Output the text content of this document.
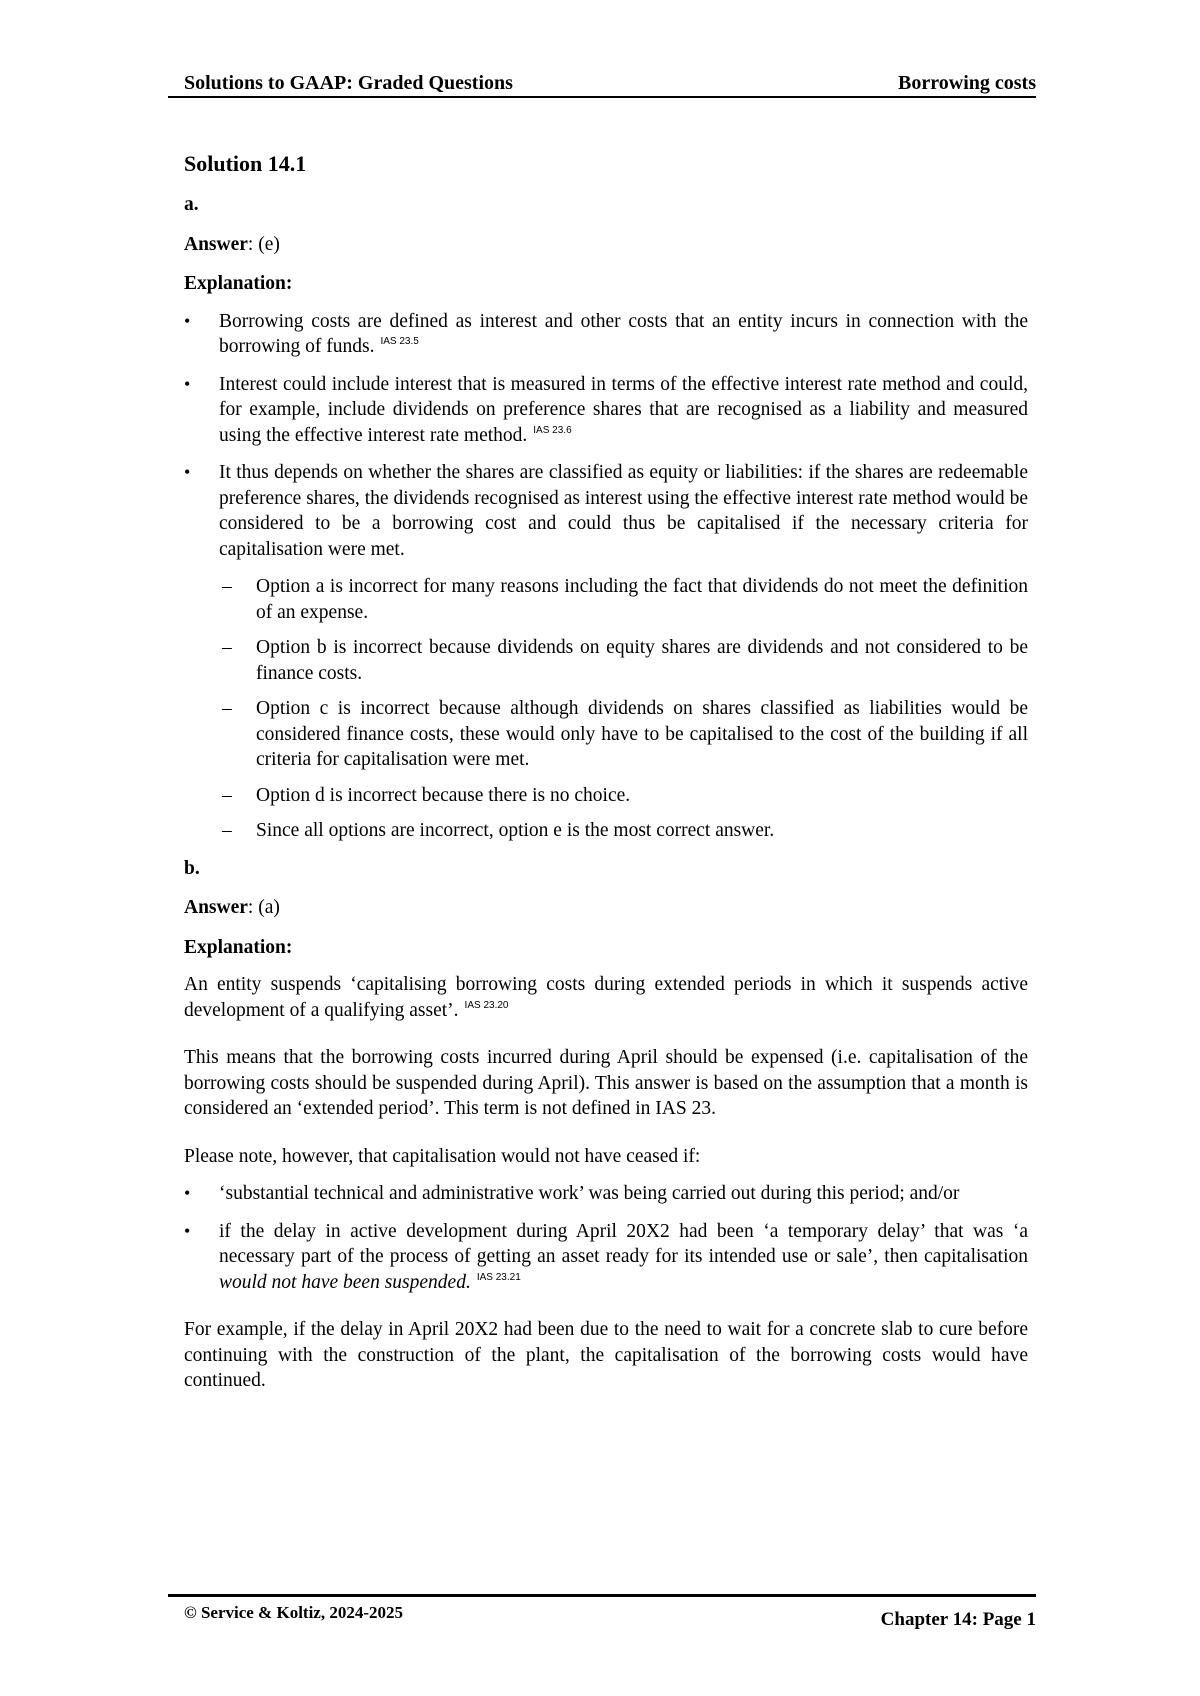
Solutions to GAAP: Graded Questions	Borrowing costs
Solution 14.1
a.
Answer: (e)
Explanation:
• Borrowing costs are defined as interest and other costs that an entity incurs in connection with the borrowing of funds. $^{IAS 23.5}$
• Interest could include interest that is measured in terms of the effective interest rate method and could, for example, include dividends on preference shares that are recognised as a liability and measured using the effective interest rate method. $^{IAS 23.6}$
• It thus depends on whether the shares are classified as equity or liabilities: if the shares are redeemable preference shares, the dividends recognised as interest using the effective interest rate method would be considered to be a borrowing cost and could thus be capitalised if the necessary criteria for capitalisation were met.
– Option a is incorrect for many reasons including the fact that dividends do not meet the definition of an expense.
– Option b is incorrect because dividends on equity shares are dividends and not considered to be finance costs.
– Option c is incorrect because although dividends on shares classified as liabilities would be considered finance costs, these would only have to be capitalised to the cost of the building if all criteria for capitalisation were met.
– Option d is incorrect because there is no choice.
– Since all options are incorrect, option e is the most correct answer.
b.
Answer: (a)
Explanation:

An entity suspends ‘capitalising borrowing costs during extended periods in which it suspends active development of a qualifying asset’. $^{IAS 23.20}$

This means that the borrowing costs incurred during April should be expensed (i.e. capitalisation of the borrowing costs should be suspended during April). This answer is based on the assumption that a month is considered an ‘extended period’. This term is not defined in IAS 23.

Please note, however, that capitalisation would not have ceased if:

• ‘substantial technical and administrative work’ was being carried out during this period; and/or
• if the delay in active development during April 20X2 had been ‘a temporary delay’ that was ‘a necessary part of the process of getting an asset ready for its intended use or sale’, then capitalisation would not have been suspended. $^{IAS 23.21}$

For example, if the delay in April 20X2 had been due to the need to wait for a concrete slab to cure before continuing with the construction of the plant, the capitalisation of the borrowing costs would have continued.

© Service & Koltiz, 2024-2025	Chapter 14: Page 1
